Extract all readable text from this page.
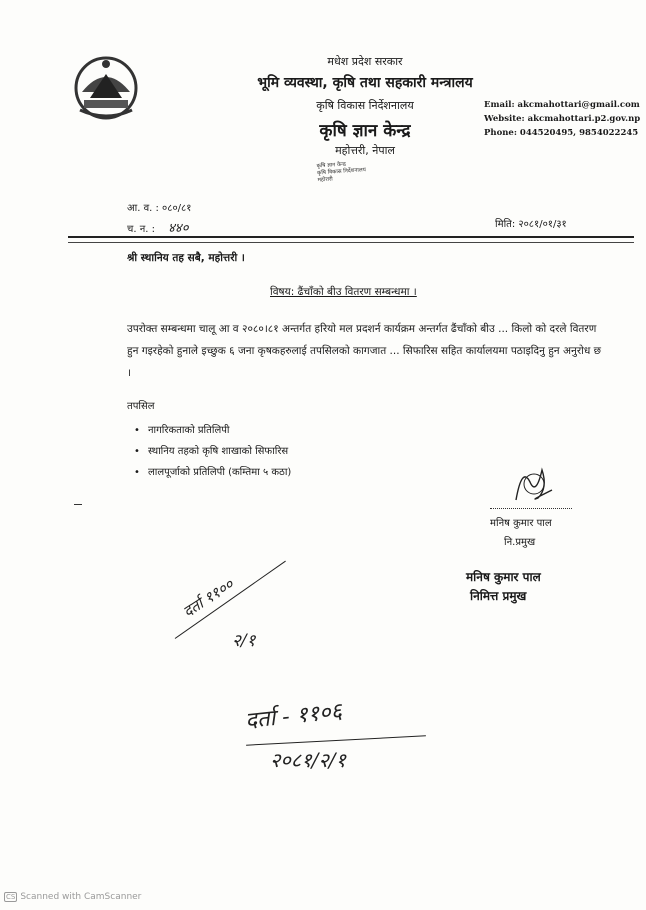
मधेश प्रदेश सरकार
भूमि व्यवस्था, कृषि तथा सहकारी मन्त्रालय
कृषि विकास निर्देशनालय
कृषि ज्ञान केन्द्र
महोत्तरी, नेपाल
Email: akcmahottari@gmail.com
Website: akcmahottari.p2.gov.np
Phone: 044520495, 9854022245
कृषि ज्ञान केन्द्र
कृषि विकास निर्देशनालय
महोत्तरी
आ. व. : ०८०/८१
च. न. : ४४०	मिति: २०८१/०१/३१
श्री स्थानिय तह सबै, महोत्तरी ।
विषय: ढैंचाँको बीउ वितरण सम्बन्धमा ।
उपरोक्त सम्बन्धमा चालू आ व २०८०।८१ अन्तर्गत हरियो मल प्रदशर्न कार्यक्रम अन्तर्गत ढैंचाँको बीउ ... किलो को दरले वितरण हुन गइरहेको हुनाले इच्छुक ६ जना कृषकहरुलाई तपसिलको कागजात ... सिफारिस सहित कार्यालयमा पठाइदिनु हुन अनुरोध छ ।
तपसिल
• नागरिकताको प्रतिलिपी
• स्थानिय तहको कृषि शाखाको सिफारिस
• लालपूर्जाको प्रतिलिपी (कम्तिमा ५ कठा)
मनिष कुमार पाल
नि.प्रमुख
मनिष कुमार पाल
निमित्त प्रमुख
दर्ता ११००
२/१
दर्ता - ११०६
२०८१/२/१
CS Scanned with CamScanner
